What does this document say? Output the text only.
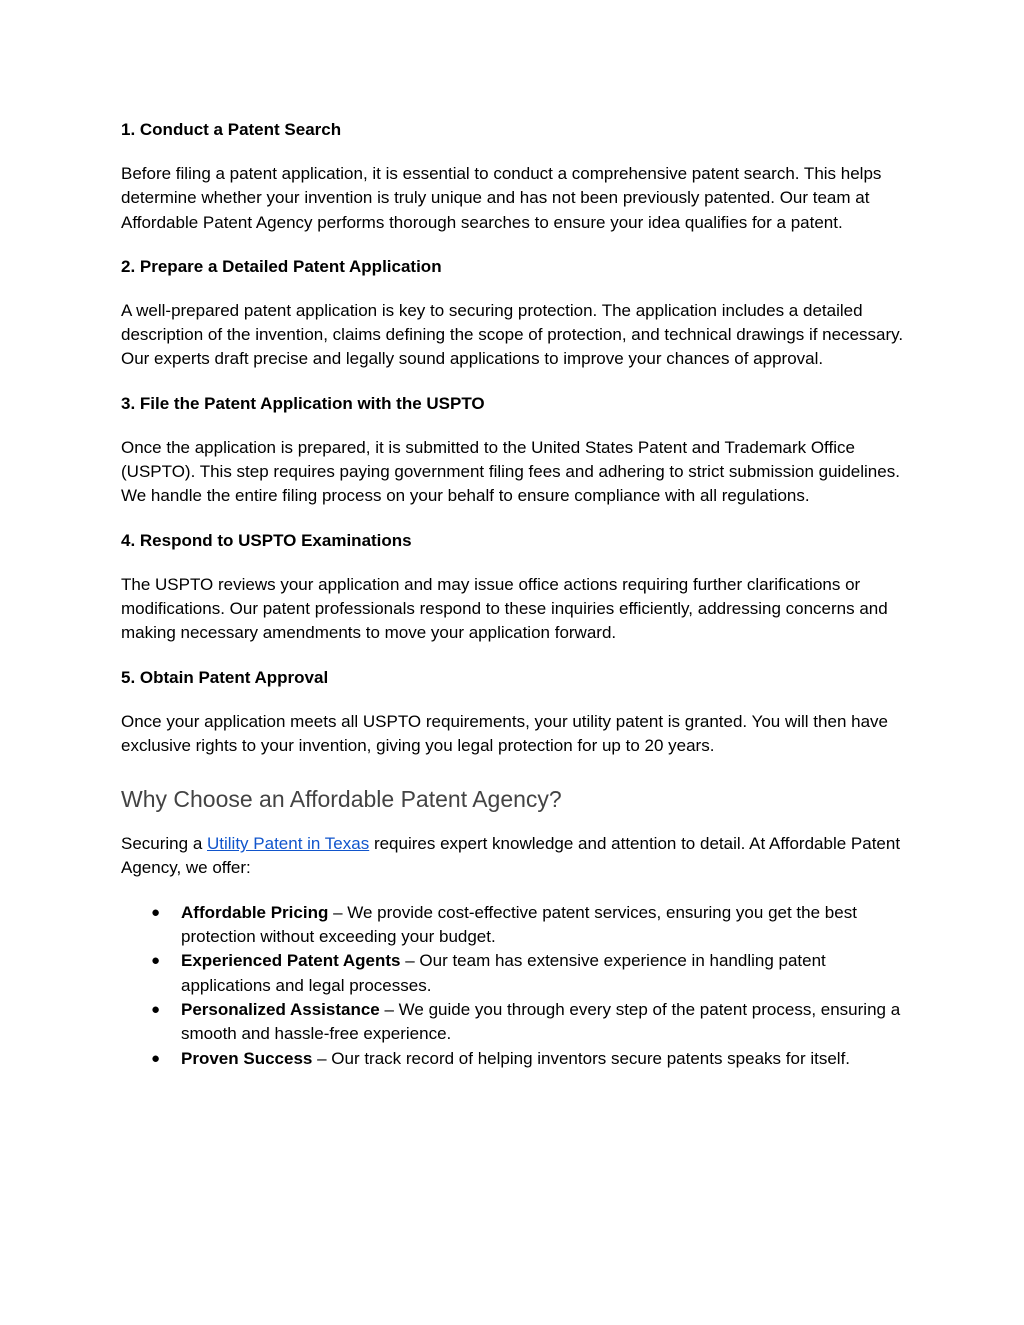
1. Conduct a Patent Search

Before filing a patent application, it is essential to conduct a comprehensive patent search. This helps determine whether your invention is truly unique and has not been previously patented. Our team at Affordable Patent Agency performs thorough searches to ensure your idea qualifies for a patent.

2. Prepare a Detailed Patent Application

A well-prepared patent application is key to securing protection. The application includes a detailed description of the invention, claims defining the scope of protection, and technical drawings if necessary. Our experts draft precise and legally sound applications to improve your chances of approval.

3. File the Patent Application with the USPTO

Once the application is prepared, it is submitted to the United States Patent and Trademark Office (USPTO). This step requires paying government filing fees and adhering to strict submission guidelines. We handle the entire filing process on your behalf to ensure compliance with all regulations.

4. Respond to USPTO Examinations

The USPTO reviews your application and may issue office actions requiring further clarifications or modifications. Our patent professionals respond to these inquiries efficiently, addressing concerns and making necessary amendments to move your application forward.

5. Obtain Patent Approval

Once your application meets all USPTO requirements, your utility patent is granted. You will then have exclusive rights to your invention, giving you legal protection for up to 20 years.

Why Choose an Affordable Patent Agency?

Securing a Utility Patent in Texas requires expert knowledge and attention to detail. At Affordable Patent Agency, we offer:

● Affordable Pricing – We provide cost-effective patent services, ensuring you get the best protection without exceeding your budget.
● Experienced Patent Agents – Our team has extensive experience in handling patent applications and legal processes.
● Personalized Assistance – We guide you through every step of the patent process, ensuring a smooth and hassle-free experience.
● Proven Success – Our track record of helping inventors secure patents speaks for itself.
